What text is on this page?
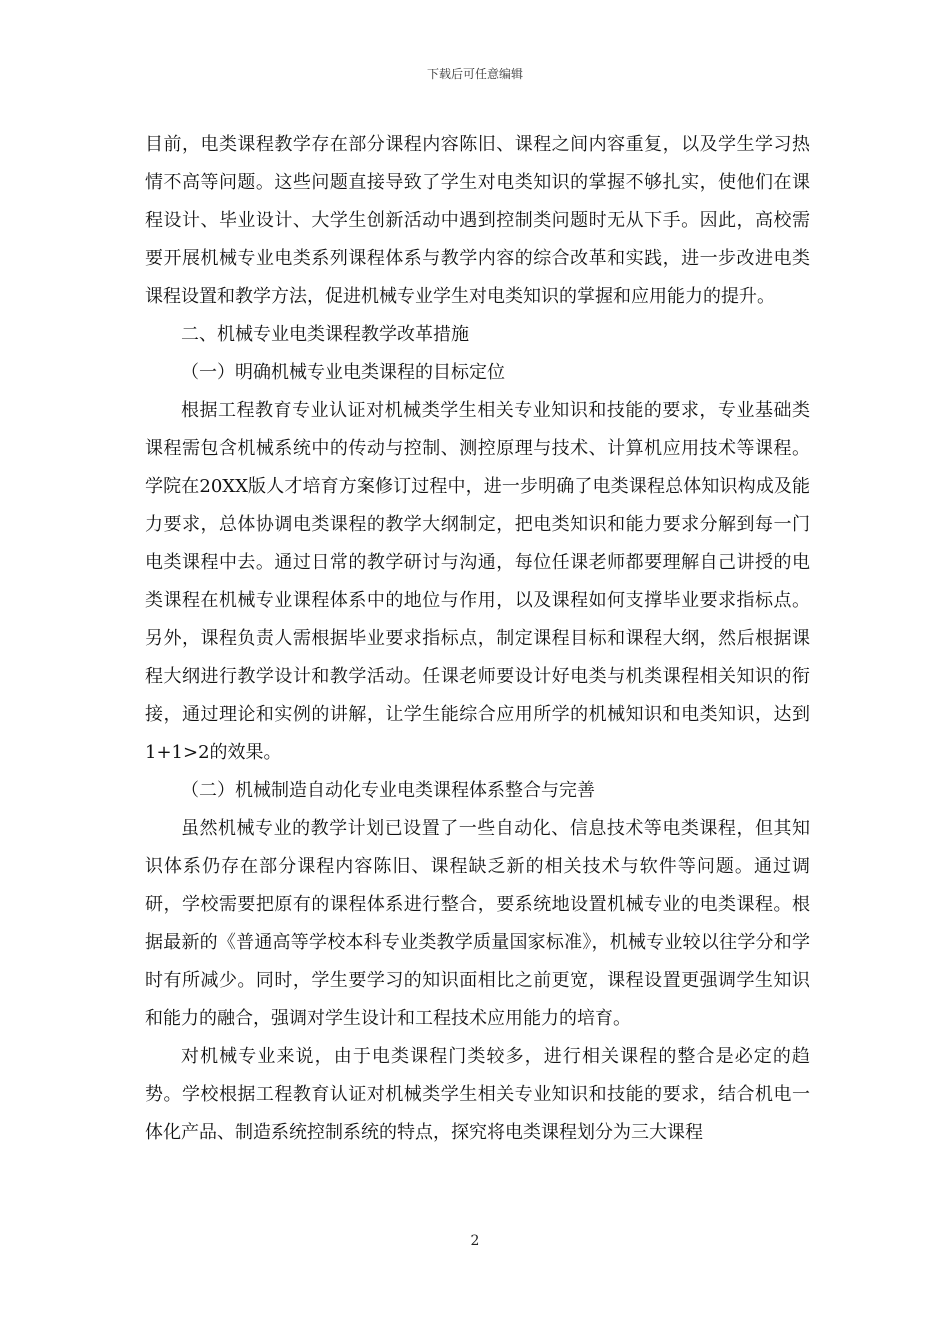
下载后可任意编辑

目前，电类课程教学存在部分课程内容陈旧、课程之间内容重复，以及学生学习热情不高等问题。这些问题直接导致了学生对电类知识的掌握不够扎实，使他们在课程设计、毕业设计、大学生创新活动中遇到控制类问题时无从下手。因此，高校需要开展机械专业电类系列课程体系与教学内容的综合改革和实践，进一步改进电类课程设置和教学方法，促进机械专业学生对电类知识的掌握和应用能力的提升。

二、机械专业电类课程教学改革措施

（一）明确机械专业电类课程的目标定位

根据工程教育专业认证对机械类学生相关专业知识和技能的要求，专业基础类课程需包含机械系统中的传动与控制、测控原理与技术、计算机应用技术等课程。学院在20XX版人才培育方案修订过程中，进一步明确了电类课程总体知识构成及能力要求，总体协调电类课程的教学大纲制定，把电类知识和能力要求分解到每一门电类课程中去。通过日常的教学研讨与沟通，每位任课老师都要理解自己讲授的电类课程在机械专业课程体系中的地位与作用，以及课程如何支撑毕业要求指标点。另外，课程负责人需根据毕业要求指标点，制定课程目标和课程大纲，然后根据课程大纲进行教学设计和教学活动。任课老师要设计好电类与机类课程相关知识的衔接，通过理论和实例的讲解，让学生能综合应用所学的机械知识和电类知识，达到1+1>2的效果。

（二）机械制造自动化专业电类课程体系整合与完善

虽然机械专业的教学计划已设置了一些自动化、信息技术等电类课程，但其知识体系仍存在部分课程内容陈旧、课程缺乏新的相关技术与软件等问题。通过调研，学校需要把原有的课程体系进行整合，要系统地设置机械专业的电类课程。根据最新的《普通高等学校本科专业类教学质量国家标准》，机械专业较以往学分和学时有所减少。同时，学生要学习的知识面相比之前更宽，课程设置更强调学生知识和能力的融合，强调对学生设计和工程技术应用能力的培育。

对机械专业来说，由于电类课程门类较多，进行相关课程的整合是必定的趋势。学校根据工程教育认证对机械类学生相关专业知识和技能的要求，结合机电一体化产品、制造系统控制系统的特点，探究将电类课程划分为三大课程

2
